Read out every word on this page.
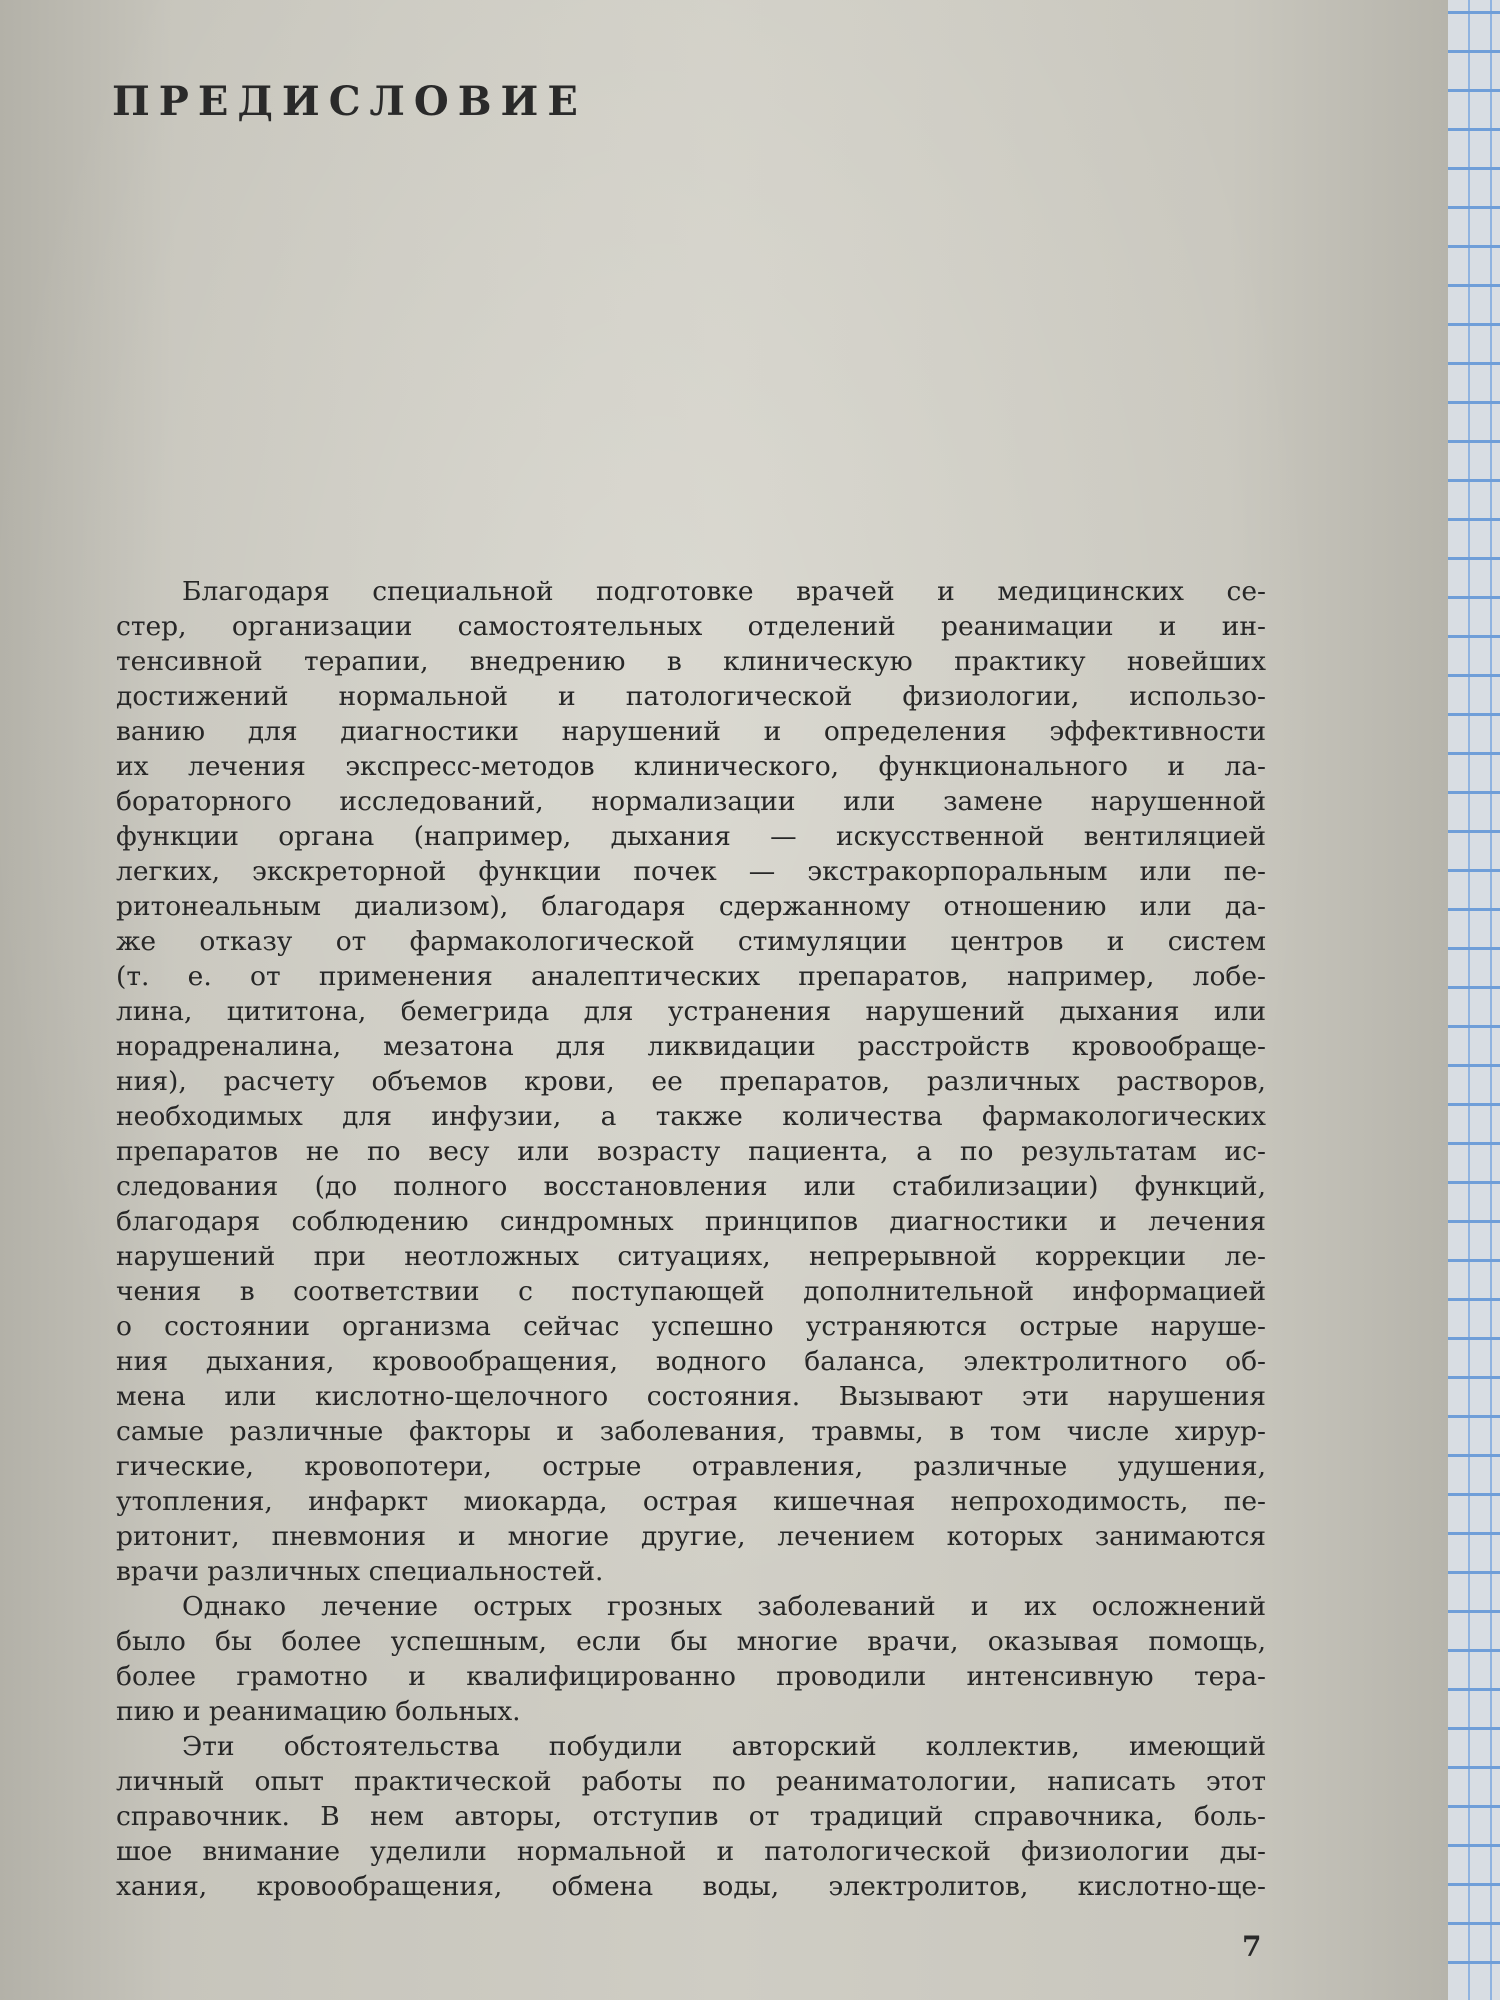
ПРЕДИСЛОВИЕ
Благодаря специальной подготовке врачей и медицинских се-
стер, организации самостоятельных отделений реанимации и ин-
тенсивной терапии, внедрению в клиническую практику новейших
достижений нормальной и патологической физиологии, использо-
ванию для диагностики нарушений и определения эффективности
их лечения экспресс-методов клинического, функционального и ла-
бораторного исследований, нормализации или замене нарушенной
функции органа (например, дыхания — искусственной вентиляцией
легких, экскреторной функции почек — экстракорпоральным или пе-
ритонеальным диализом), благодаря сдержанному отношению или да-
же отказу от фармакологической стимуляции центров и систем
(т. е. от применения аналептических препаратов, например, лобе-
лина, цититона, бемегрида для устранения нарушений дыхания или
норадреналина, мезатона для ликвидации расстройств кровообраще-
ния), расчету объемов крови, ее препаратов, различных растворов,
необходимых для инфузии, а также количества фармакологических
препаратов не по весу или возрасту пациента, а по результатам ис-
следования (до полного восстановления или стабилизации) функций,
благодаря соблюдению синдромных принципов диагностики и лечения
нарушений при неотложных ситуациях, непрерывной коррекции ле-
чения в соответствии с поступающей дополнительной информацией
о состоянии организма сейчас успешно устраняются острые наруше-
ния дыхания, кровообращения, водного баланса, электролитного об-
мена или кислотно-щелочного состояния. Вызывают эти нарушения
самые различные факторы и заболевания, травмы, в том числе хирур-
гические, кровопотери, острые отравления, различные удушения,
утопления, инфаркт миокарда, острая кишечная непроходимость, пе-
ритонит, пневмония и многие другие, лечением которых занимаются
врачи различных специальностей.
Однако лечение острых грозных заболеваний и их осложнений
было бы более успешным, если бы многие врачи, оказывая помощь,
более грамотно и квалифицированно проводили интенсивную тера-
пию и реанимацию больных.
Эти обстоятельства побудили авторский коллектив, имеющий
личный опыт практической работы по реаниматологии, написать этот
справочник. В нем авторы, отступив от традиций справочника, боль-
шое внимание уделили нормальной и патологической физиологии ды-
хания, кровообращения, обмена воды, электролитов, кислотно-ще-
7
